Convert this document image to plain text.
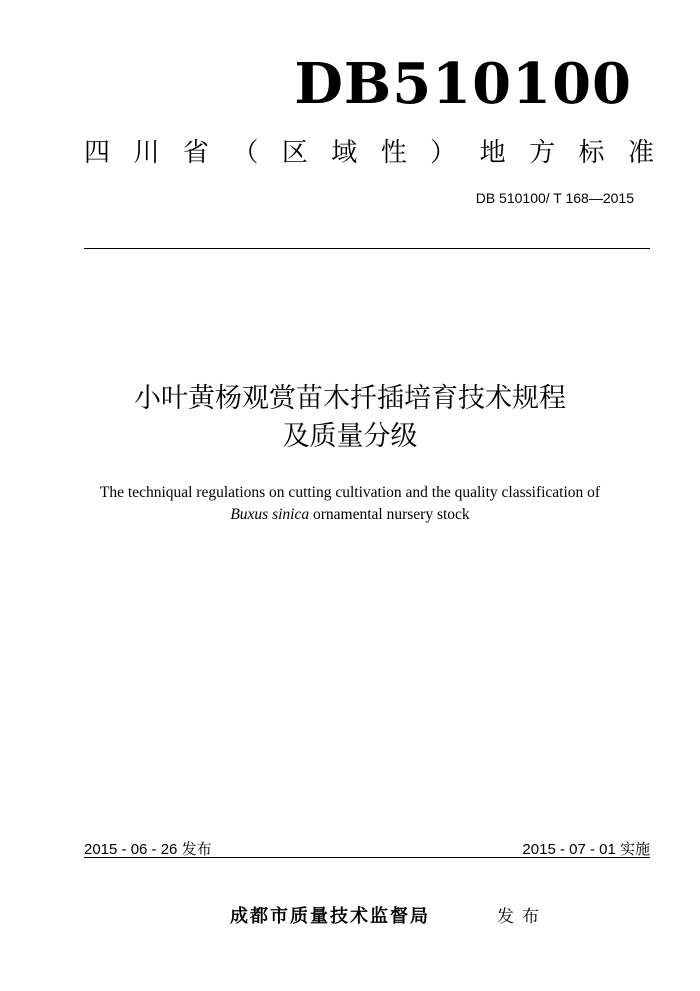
DB510100
四 川 省 （ 区 域 性 ） 地 方 标 准
DB 510100/ T 168—2015
小叶黄杨观赏苗木扦插培育技术规程
及质量分级
The techniqual regulations on cutting cultivation and the quality classification of
Buxus sinica ornamental nursery stock
2015 - 06 - 26 发布	2015 - 07 - 01 实施
成都市质量技术监督局	发布
